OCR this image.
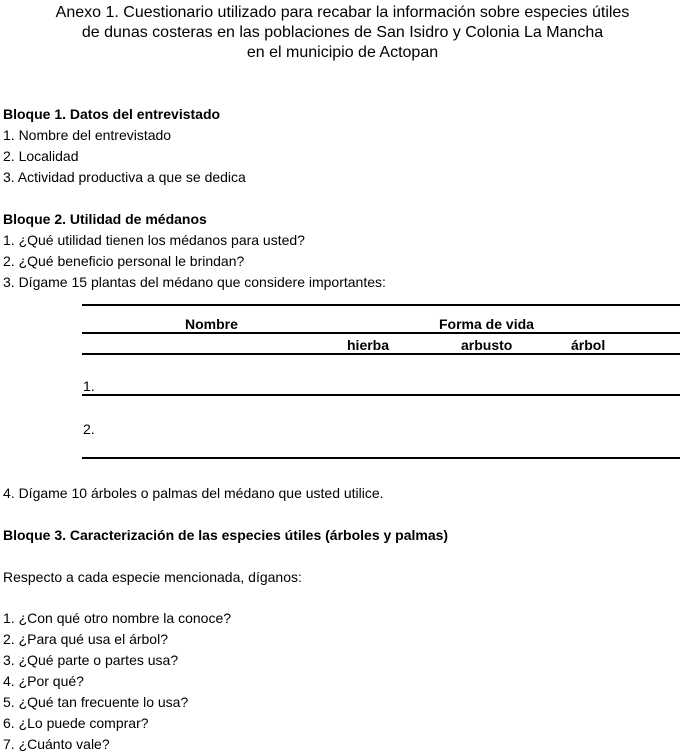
Anexo 1. Cuestionario utilizado para recabar la información sobre especies útiles
de dunas costeras en las poblaciones de San Isidro y Colonia La Mancha
en el municipio de Actopan
Bloque 1. Datos del entrevistado
1. Nombre del entrevistado
2. Localidad
3. Actividad productiva a que se dedica
Bloque 2. Utilidad de médanos
1. ¿Qué utilidad tienen los médanos para usted?
2. ¿Qué beneficio personal le brindan?
3. Dígame 15 plantas del médano que considere importantes:
Nombre	Forma de vida
hierba	arbusto	árbol
1.
2.
4. Dígame 10 árboles o palmas del médano que usted utilice.
Bloque 3. Caracterización de las especies útiles (árboles y palmas)
Respecto a cada especie mencionada, díganos:
1. ¿Con qué otro nombre la conoce?
2. ¿Para qué usa el árbol?
3. ¿Qué parte o partes usa?
4. ¿Por qué?
5. ¿Qué tan frecuente lo usa?
6. ¿Lo puede comprar?
7. ¿Cuánto vale?
